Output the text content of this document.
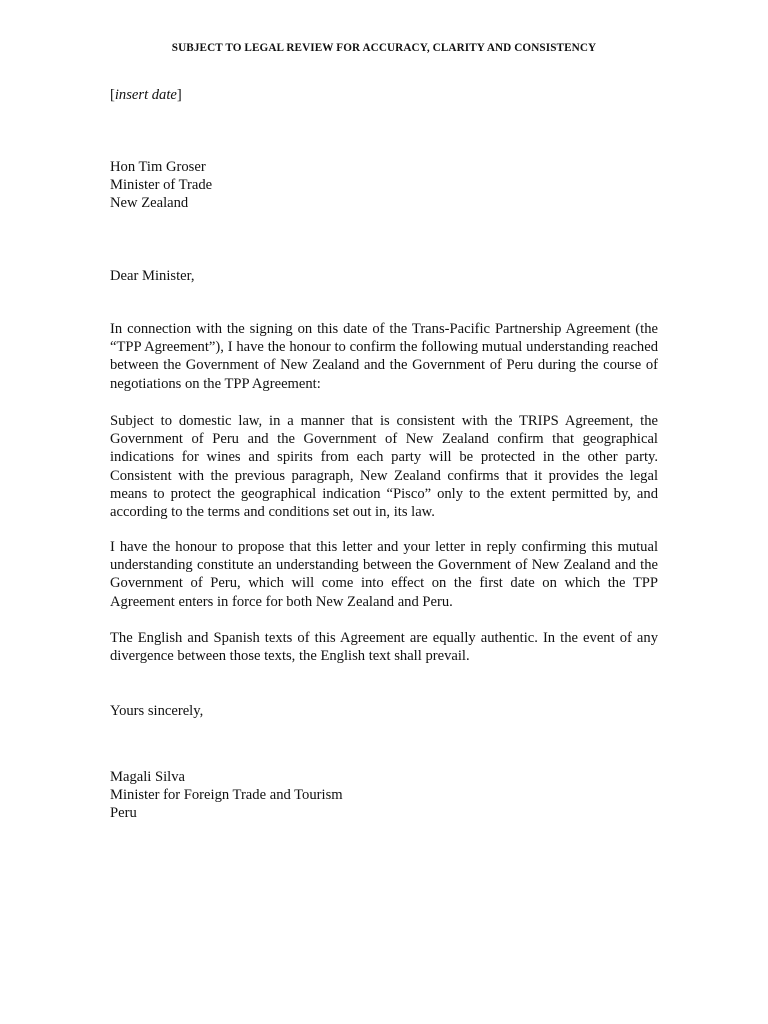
SUBJECT TO LEGAL REVIEW FOR ACCURACY, CLARITY AND CONSISTENCY
[insert date]

Hon Tim Groser

Minister of Trade

New Zealand

Dear Minister,
In connection with the signing on this date of the Trans-Pacific Partnership Agreement (the “TPP Agreement”), I have the honour to confirm the following mutual understanding reached between the Government of New Zealand and the Government of Peru during the course of negotiations on the TPP Agreement:
Subject to domestic law, in a manner that is consistent with the TRIPS Agreement, the Government of Peru and the Government of New Zealand confirm that geographical indications for wines and spirits from each party will be protected in the other party. Consistent with the previous paragraph, New Zealand confirms that it provides the legal means to protect the geographical indication “Pisco” only to the extent permitted by, and according to the terms and conditions set out in, its law.
I have the honour to propose that this letter and your letter in reply confirming this mutual understanding constitute an understanding between the Government of New Zealand and the Government of Peru, which will come into effect on the first date on which the TPP Agreement enters in force for both New Zealand and Peru.
The English and Spanish texts of this Agreement are equally authentic. In the event of any divergence between those texts, the English text shall prevail.
Yours sincerely,

Magali Silva

Minister for Foreign Trade and Tourism

Peru
